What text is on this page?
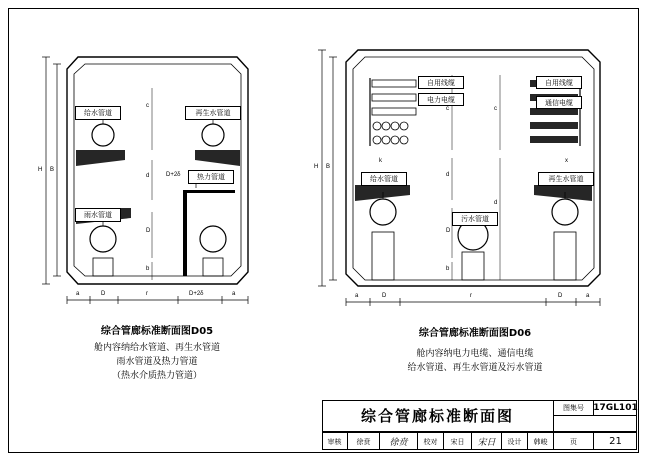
给水管道	再生水管道
热力管道
雨水管道
H B
c
d
D
b
D+2δ
a	D	r	D+2δ	a
综合管廊标准断面图D05
舱内容纳给水管道、再生水管道
雨水管道及热力管道
（热水介质热力管道）
自用线缆
电力电缆
自用线缆
通信电缆
给水管道	再生水管道
污水管道
H B
c
d
D
b
c
d
k	x
a	D	r	D	a
综合管廊标准断面图D06
舱内容纳电力电缆、通信电缆
给水管道、再生水管道及污水管道
综合管廊标准断面图	图集号	17GL101
页	21
审核	徐贲	徐贲	校对	宋日	宋日	设计	韩峻
